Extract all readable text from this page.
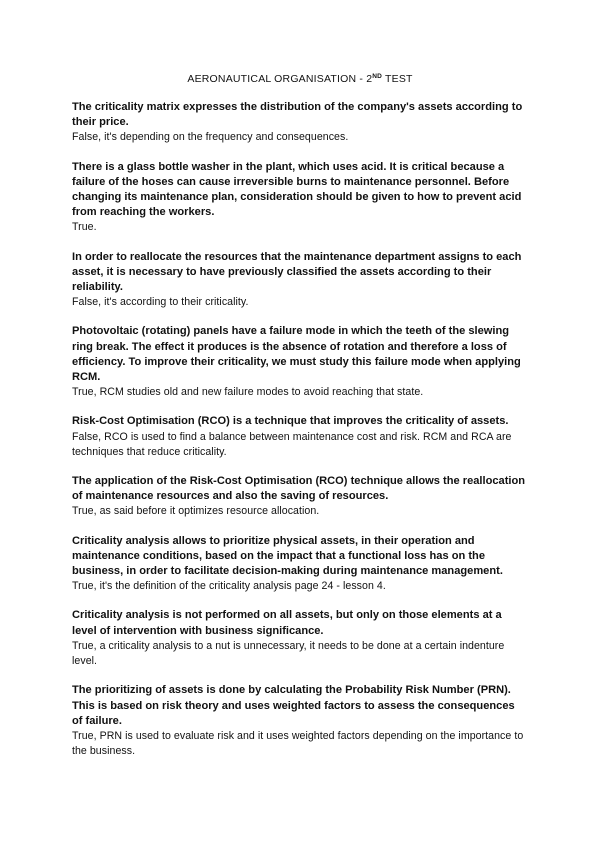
AERONAUTICAL ORGANISATION - 2ND TEST

The criticality matrix expresses the distribution of the company's assets according to their price.

False, it's depending on the frequency and consequences.

There is a glass bottle washer in the plant, which uses acid. It is critical because a failure of the hoses can cause irreversible burns to maintenance personnel. Before changing its maintenance plan, consideration should be given to how to prevent acid from reaching the workers.

True.

In order to reallocate the resources that the maintenance department assigns to each asset, it is necessary to have previously classified the assets according to their reliability.

False, it's according to their criticality.

Photovoltaic (rotating) panels have a failure mode in which the teeth of the slewing ring break. The effect it produces is the absence of rotation and therefore a loss of efficiency. To improve their criticality, we must study this failure mode when applying RCM.

True, RCM studies old and new failure modes to avoid reaching that state.

Risk-Cost Optimisation (RCO) is a technique that improves the criticality of assets.

False, RCO is used to find a balance between maintenance cost and risk. RCM and RCA are techniques that reduce criticality.

The application of the Risk-Cost Optimisation (RCO) technique allows the reallocation of maintenance resources and also the saving of resources.

True, as said before it optimizes resource allocation.

Criticality analysis allows to prioritize physical assets, in their operation and maintenance conditions, based on the impact that a functional loss has on the business, in order to facilitate decision-making during maintenance management.

True, it's the definition of the criticality analysis page 24 - lesson 4.

Criticality analysis is not performed on all assets, but only on those elements at a level of intervention with business significance.

True, a criticality analysis to a nut is unnecessary, it needs to be done at a certain indenture level.

The prioritizing of assets is done by calculating the Probability Risk Number (PRN). This is based on risk theory and uses weighted factors to assess the consequences of failure.

True, PRN is used to evaluate risk and it uses weighted factors depending on the importance to the business.
